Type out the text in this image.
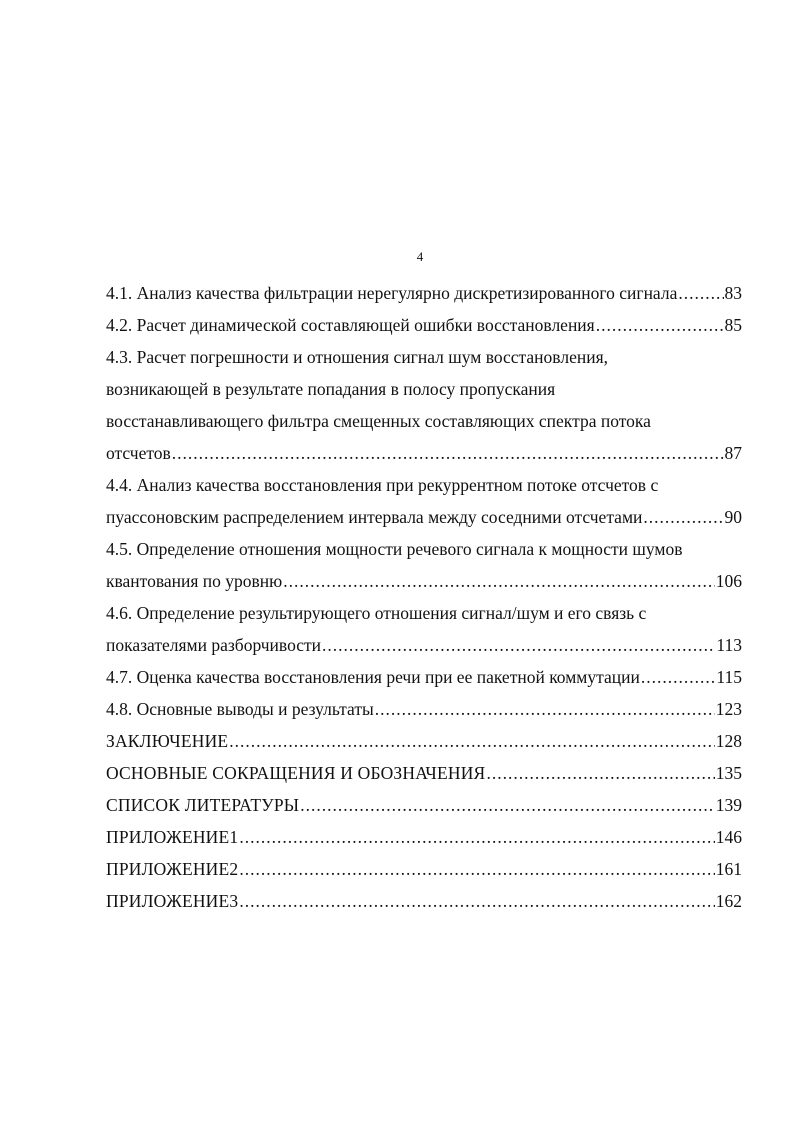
4
4.1. Анализ качества фильтрации нерегулярно дискретизированного сигнала .....	83
4.2. Расчет динамической составляющей ошибки восстановления .....	85
4.3. Расчет погрешности и отношения сигнал шум восстановления,
возникающей в результате попадания в полосу пропускания
восстанавливающего фильтра смещенных составляющих спектра потока
отсчетов .....	87
4.4. Анализ качества восстановления при рекуррентном потоке отсчетов с
пуассоновским распределением интервала между соседними отсчетами .....	90
4.5. Определение отношения мощности речевого сигнала к мощности шумов
квантования по уровню .....	106
4.6. Определение результирующего отношения сигнал/шум и его связь с
показателями разборчивости .....	113
4.7. Оценка качества восстановления речи при ее пакетной коммутации .....	115
4.8. Основные выводы и результаты .....	123
ЗАКЛЮЧЕНИЕ .....	128
ОСНОВНЫЕ СОКРАЩЕНИЯ И ОБОЗНАЧЕНИЯ .....	135
СПИСОК ЛИТЕРАТУРЫ .....	139
ПРИЛОЖЕНИЕ1 .....	146
ПРИЛОЖЕНИЕ2 .....	161
ПРИЛОЖЕНИЕ3 .....	162
